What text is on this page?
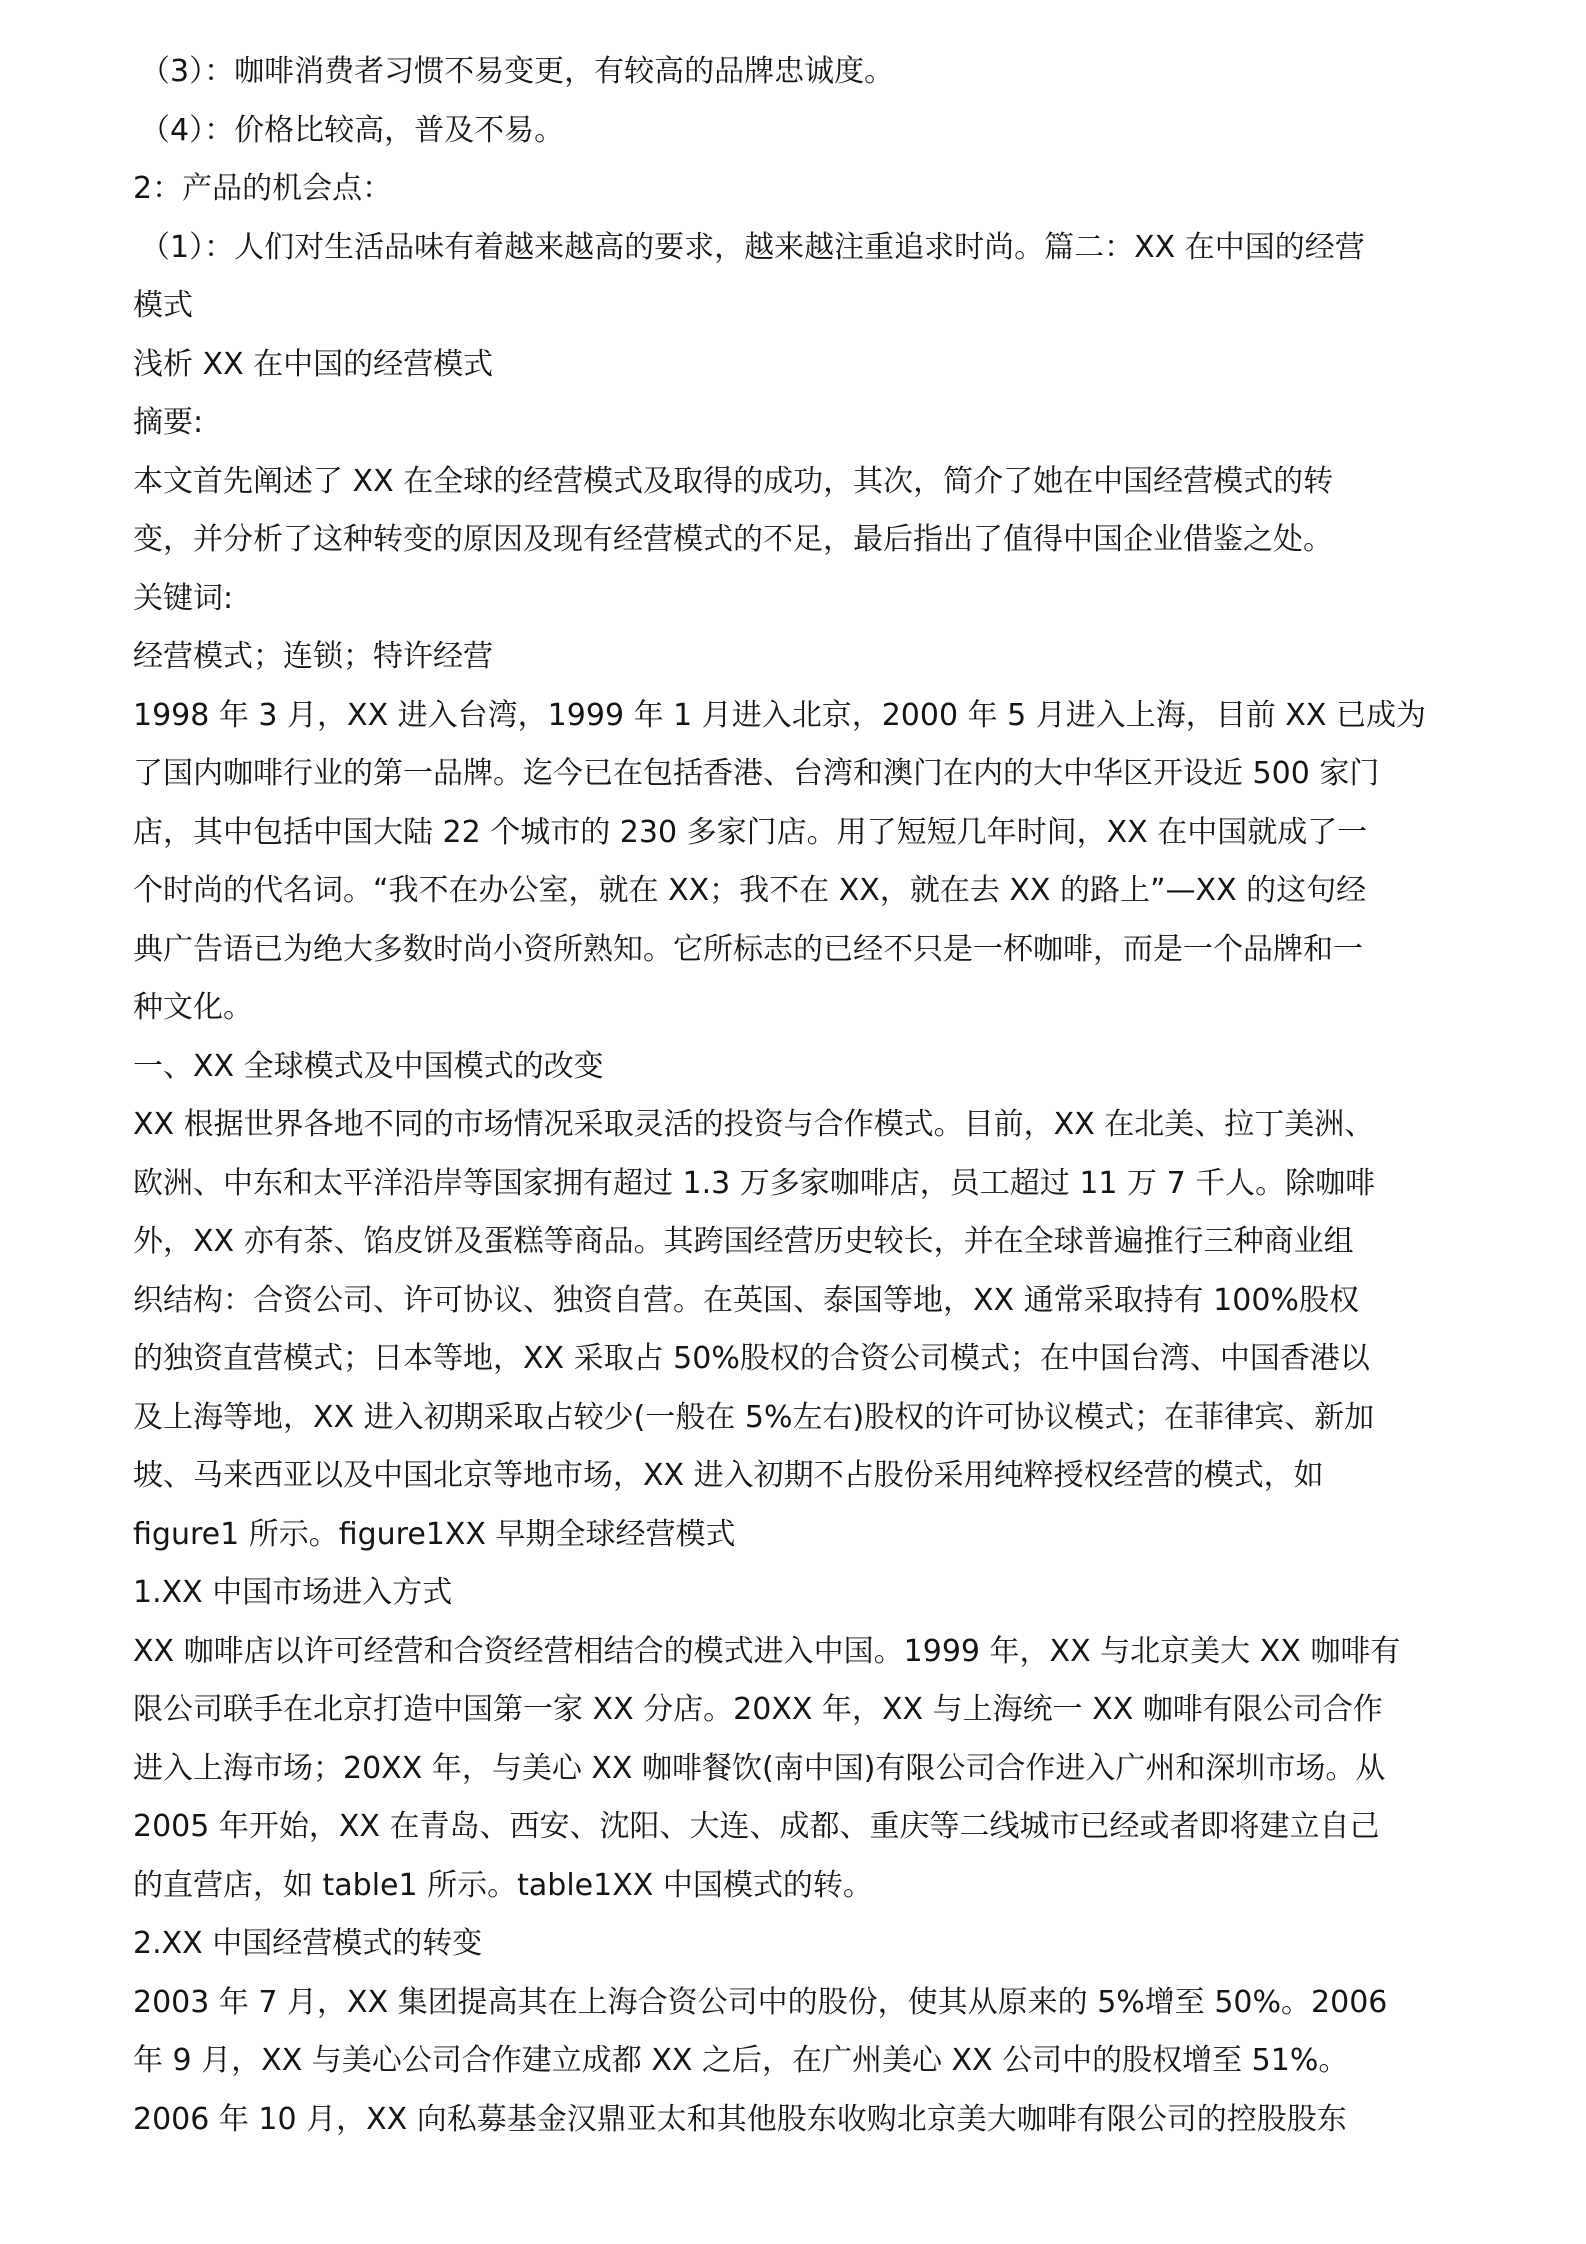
（3）：咖啡消费者习惯不易变更，有较高的品牌忠诚度。

（4）：价格比较高，普及不易。

2：产品的机会点：

（1）：人们对生活品味有着越来越高的要求，越来越注重追求时尚。篇二：XX 在中国的经营

模式

浅析 XX 在中国的经营模式

摘要:

本文首先阐述了 XX 在全球的经营模式及取得的成功，其次，简介了她在中国经营模式的转

变，并分析了这种转变的原因及现有经营模式的不足，最后指出了值得中国企业借鉴之处。

关键词:

经营模式；连锁；特许经营

1998 年 3 月，XX 进入台湾，1999 年 1 月进入北京，2000 年 5 月进入上海，目前 XX 已成为

了国内咖啡行业的第一品牌。迄今已在包括香港、台湾和澳门在内的大中华区开设近 500 家门

店，其中包括中国大陆 22 个城市的 230 多家门店。用了短短几年时间，XX 在中国就成了一

个时尚的代名词。“我不在办公室，就在 XX；我不在 XX，就在去 XX 的路上”—XX 的这句经

典广告语已为绝大多数时尚小资所熟知。它所标志的已经不只是一杯咖啡，而是一个品牌和一

种文化。

一、XX 全球模式及中国模式的改变

XX 根据世界各地不同的市场情况采取灵活的投资与合作模式。目前，XX 在北美、拉丁美洲、

欧洲、中东和太平洋沿岸等国家拥有超过 1.3 万多家咖啡店，员工超过 11 万 7 千人。除咖啡

外，XX 亦有茶、馅皮饼及蛋糕等商品。其跨国经营历史较长，并在全球普遍推行三种商业组

织结构：合资公司、许可协议、独资自营。在英国、泰国等地，XX 通常采取持有 100%股权

的独资直营模式；日本等地，XX 采取占 50%股权的合资公司模式；在中国台湾、中国香港以

及上海等地，XX 进入初期采取占较少(一般在 5%左右)股权的许可协议模式；在菲律宾、新加

坡、马来西亚以及中国北京等地市场，XX 进入初期不占股份采用纯粹授权经营的模式，如

figure1 所示。figure1XX 早期全球经营模式

1.XX 中国市场进入方式

XX 咖啡店以许可经营和合资经营相结合的模式进入中国。1999 年，XX 与北京美大 XX 咖啡有

限公司联手在北京打造中国第一家 XX 分店。20XX 年，XX 与上海统一 XX 咖啡有限公司合作

进入上海市场；20XX 年，与美心 XX 咖啡餐饮(南中国)有限公司合作进入广州和深圳市场。从

2005 年开始，XX 在青岛、西安、沈阳、大连、成都、重庆等二线城市已经或者即将建立自己

的直营店，如 table1 所示。table1XX 中国模式的转。

2.XX 中国经营模式的转变

2003 年 7 月，XX 集团提高其在上海合资公司中的股份，使其从原来的 5%增至 50%。2006

年 9 月，XX 与美心公司合作建立成都 XX 之后，在广州美心 XX 公司中的股权增至 51%。

2006 年 10 月，XX 向私募基金汉鼎亚太和其他股东收购北京美大咖啡有限公司的控股股东
